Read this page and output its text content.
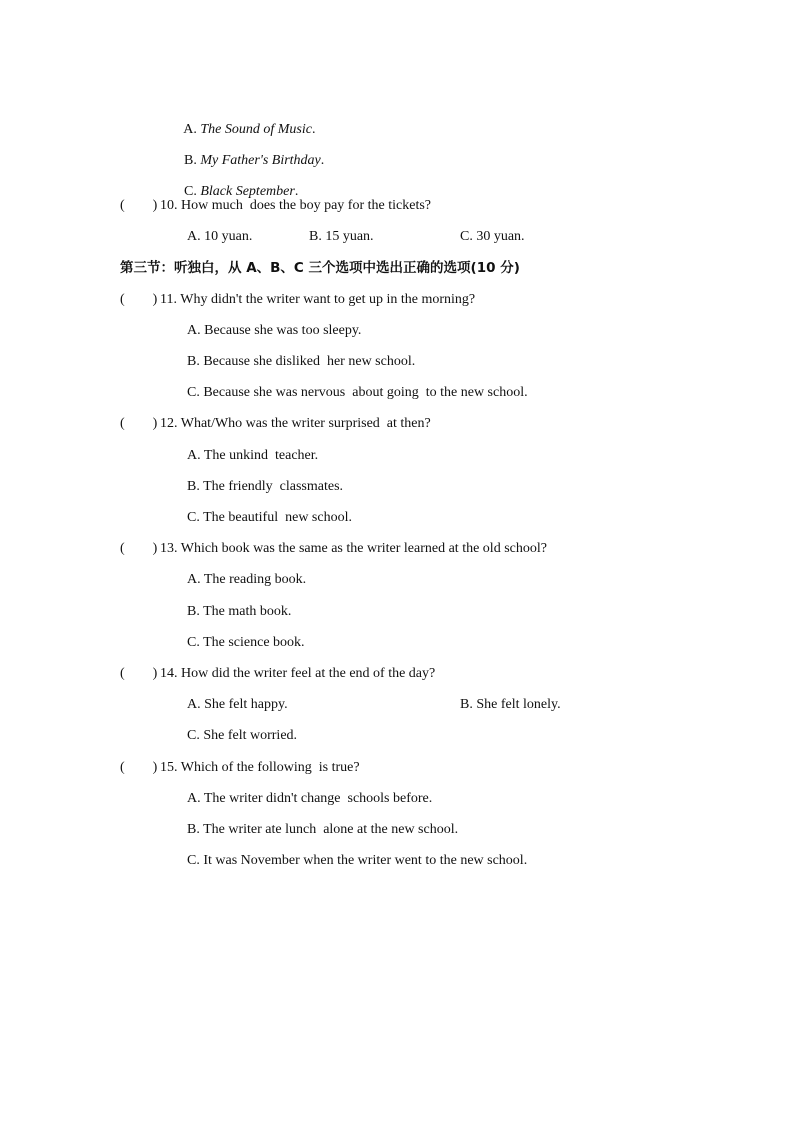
A. The Sound of Music.

B. My Father's Birthday.

C. Black September.

(        ) 10. How much  does the boy pay for the tickets?
A. 10 yuan.	B. 15 yuan.	C. 30 yuan.
第三节：听独白，从 A、B、C 三个选项中选出正确的选项(10 分)
(        ) 11. Why didn't the writer want to get up in the morning?
A. Because she was too sleepy.
B. Because she disliked  her new school.
C. Because she was nervous  about going  to the new school.
(        ) 12. What/Who was the writer surprised  at then?
A. The unkind  teacher.
B. The friendly  classmates.
C. The beautiful  new school.
(        ) 13. Which book was the same as the writer learned at the old school?
A. The reading book.
B. The math book.
C. The science book.
(        ) 14. How did the writer feel at the end of the day?
A. She felt happy.	B. She felt lonely.
C. She felt worried.
(        ) 15. Which of the following  is true?
A. The writer didn't change  schools before.
B. The writer ate lunch  alone at the new school.
C. It was November when the writer went to the new school.
